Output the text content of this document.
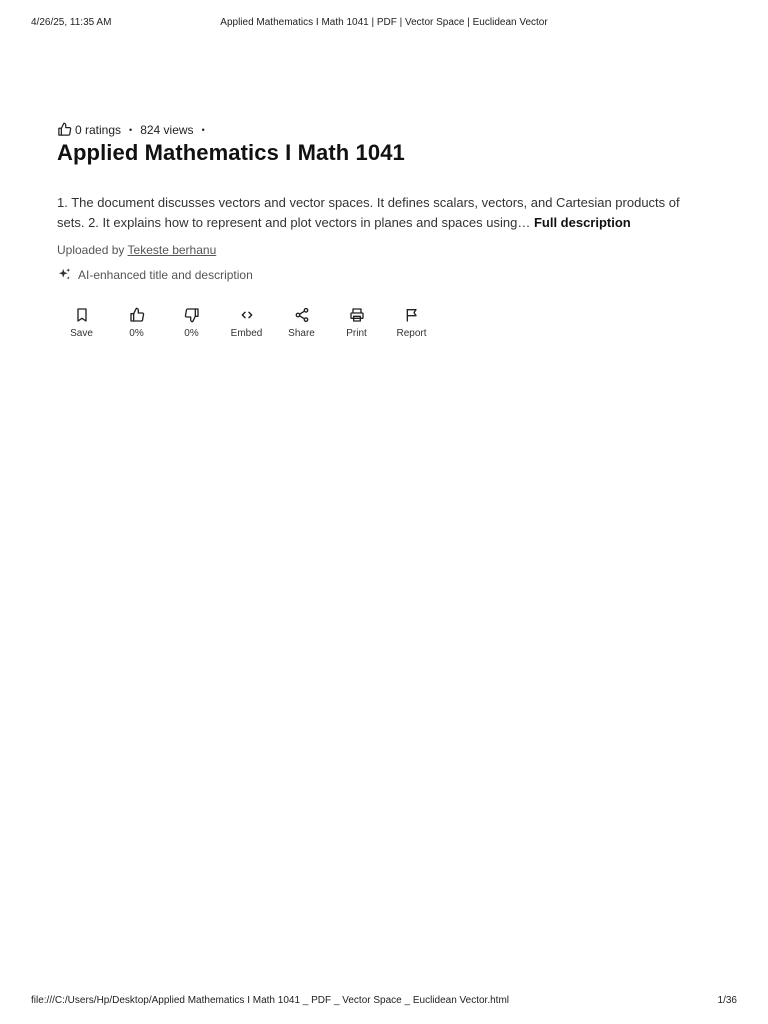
4/26/25, 11:35 AM	Applied Mathematics I Math 1041 | PDF | Vector Space | Euclidean Vector
0 ratings • 824 views •
Applied Mathematics I Math 1041
1. The document discusses vectors and vector spaces. It defines scalars, vectors, and Cartesian products of sets. 2. It explains how to represent and plot vectors in planes and spaces using… Full description
Uploaded by Tekeste berhanu
AI-enhanced title and description
Save	0%	0%	Embed	Share	Print	Report
file:///C:/Users/Hp/Desktop/Applied Mathematics I Math 1041 _ PDF _ Vector Space _ Euclidean Vector.html	1/36
